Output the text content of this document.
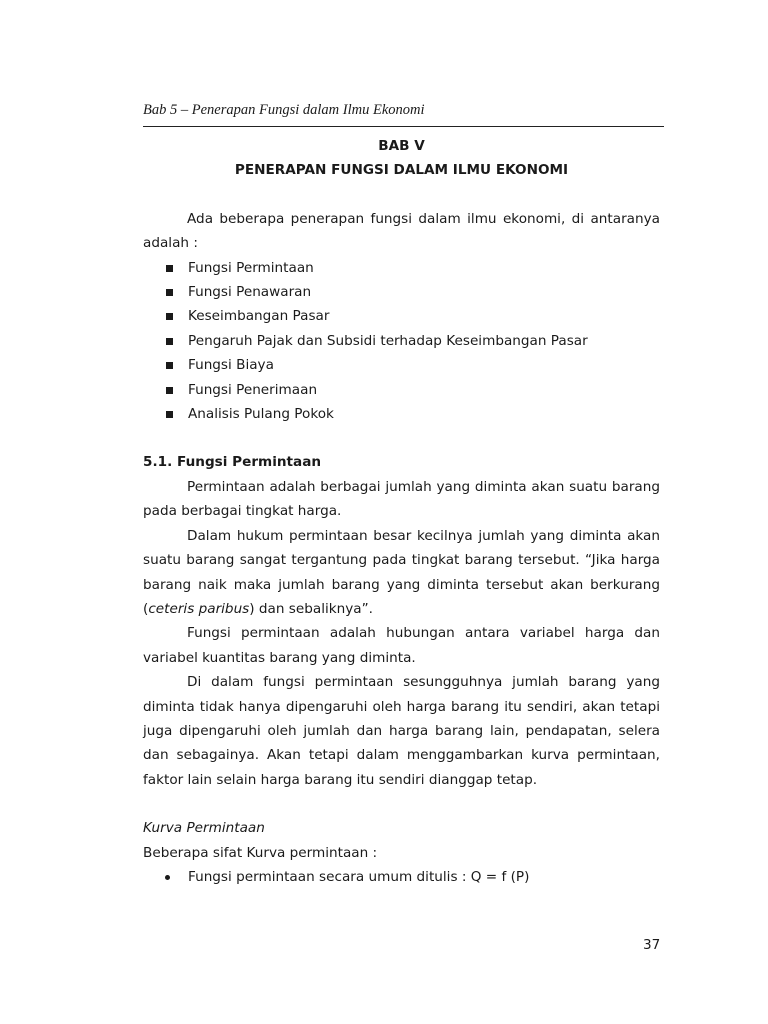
Bab 5 – Penerapan Fungsi dalam Ilmu Ekonomi
BAB V
PENERAPAN FUNGSI DALAM ILMU EKONOMI

Ada beberapa penerapan fungsi dalam ilmu ekonomi, di antaranya adalah :

Fungsi Permintaan
Fungsi Penawaran
Keseimbangan Pasar
Pengaruh Pajak dan Subsidi terhadap Keseimbangan Pasar
Fungsi Biaya
Fungsi Penerimaan
Analisis Pulang Pokok
5.1. Fungsi Permintaan

Permintaan adalah berbagai jumlah yang diminta akan suatu barang pada berbagai tingkat harga.

Dalam hukum permintaan besar kecilnya jumlah yang diminta akan suatu barang sangat tergantung pada tingkat barang tersebut. “Jika harga barang naik maka jumlah barang yang diminta tersebut akan berkurang (ceteris paribus) dan sebaliknya”.

Fungsi permintaan adalah hubungan antara variabel harga dan variabel kuantitas barang yang diminta.

Di dalam fungsi permintaan sesungguhnya jumlah barang yang diminta tidak hanya dipengaruhi oleh harga barang itu sendiri, akan tetapi juga dipengaruhi oleh jumlah dan harga barang lain, pendapatan, selera dan sebagainya. Akan tetapi dalam menggambarkan kurva permintaan, faktor lain selain harga barang itu sendiri dianggap tetap.

Kurva Permintaan

Beberapa sifat Kurva permintaan :

Fungsi permintaan secara umum ditulis : Q = f (P)
37
